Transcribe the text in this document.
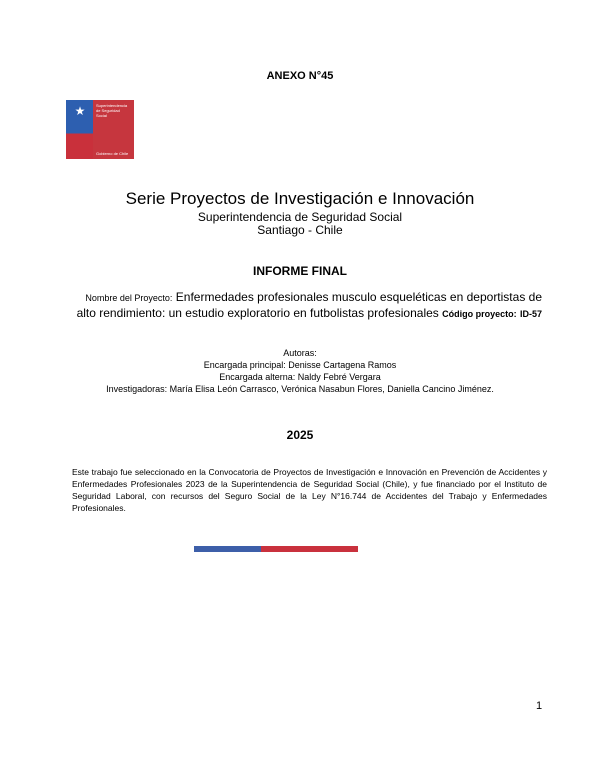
ANEXO N°45
★	Superintendencia
de Seguridad
Social
Gobierno de Chile
Serie Proyectos de Investigación e Innovación
Superintendencia de Seguridad Social
Santiago - Chile
INFORME FINAL
Nombre del Proyecto: Enfermedades profesionales musculo esqueléticas en deportistas de alto rendimiento: un estudio exploratorio en futbolistas profesionales Código proyecto: ID-57
Autoras:
Encargada principal: Denisse Cartagena Ramos
Encargada alterna: Naldy Febré Vergara
Investigadoras: María Elisa León Carrasco, Verónica Nasabun Flores, Daniella Cancino Jiménez.
2025
Este trabajo fue seleccionado en la Convocatoria de Proyectos de Investigación e Innovación en Prevención de Accidentes y Enfermedades Profesionales 2023 de la Superintendencia de Seguridad Social (Chile), y fue financiado por el Instituto de Seguridad Laboral, con recursos del Seguro Social de la Ley N°16.744 de Accidentes del Trabajo y Enfermedades Profesionales.
1
